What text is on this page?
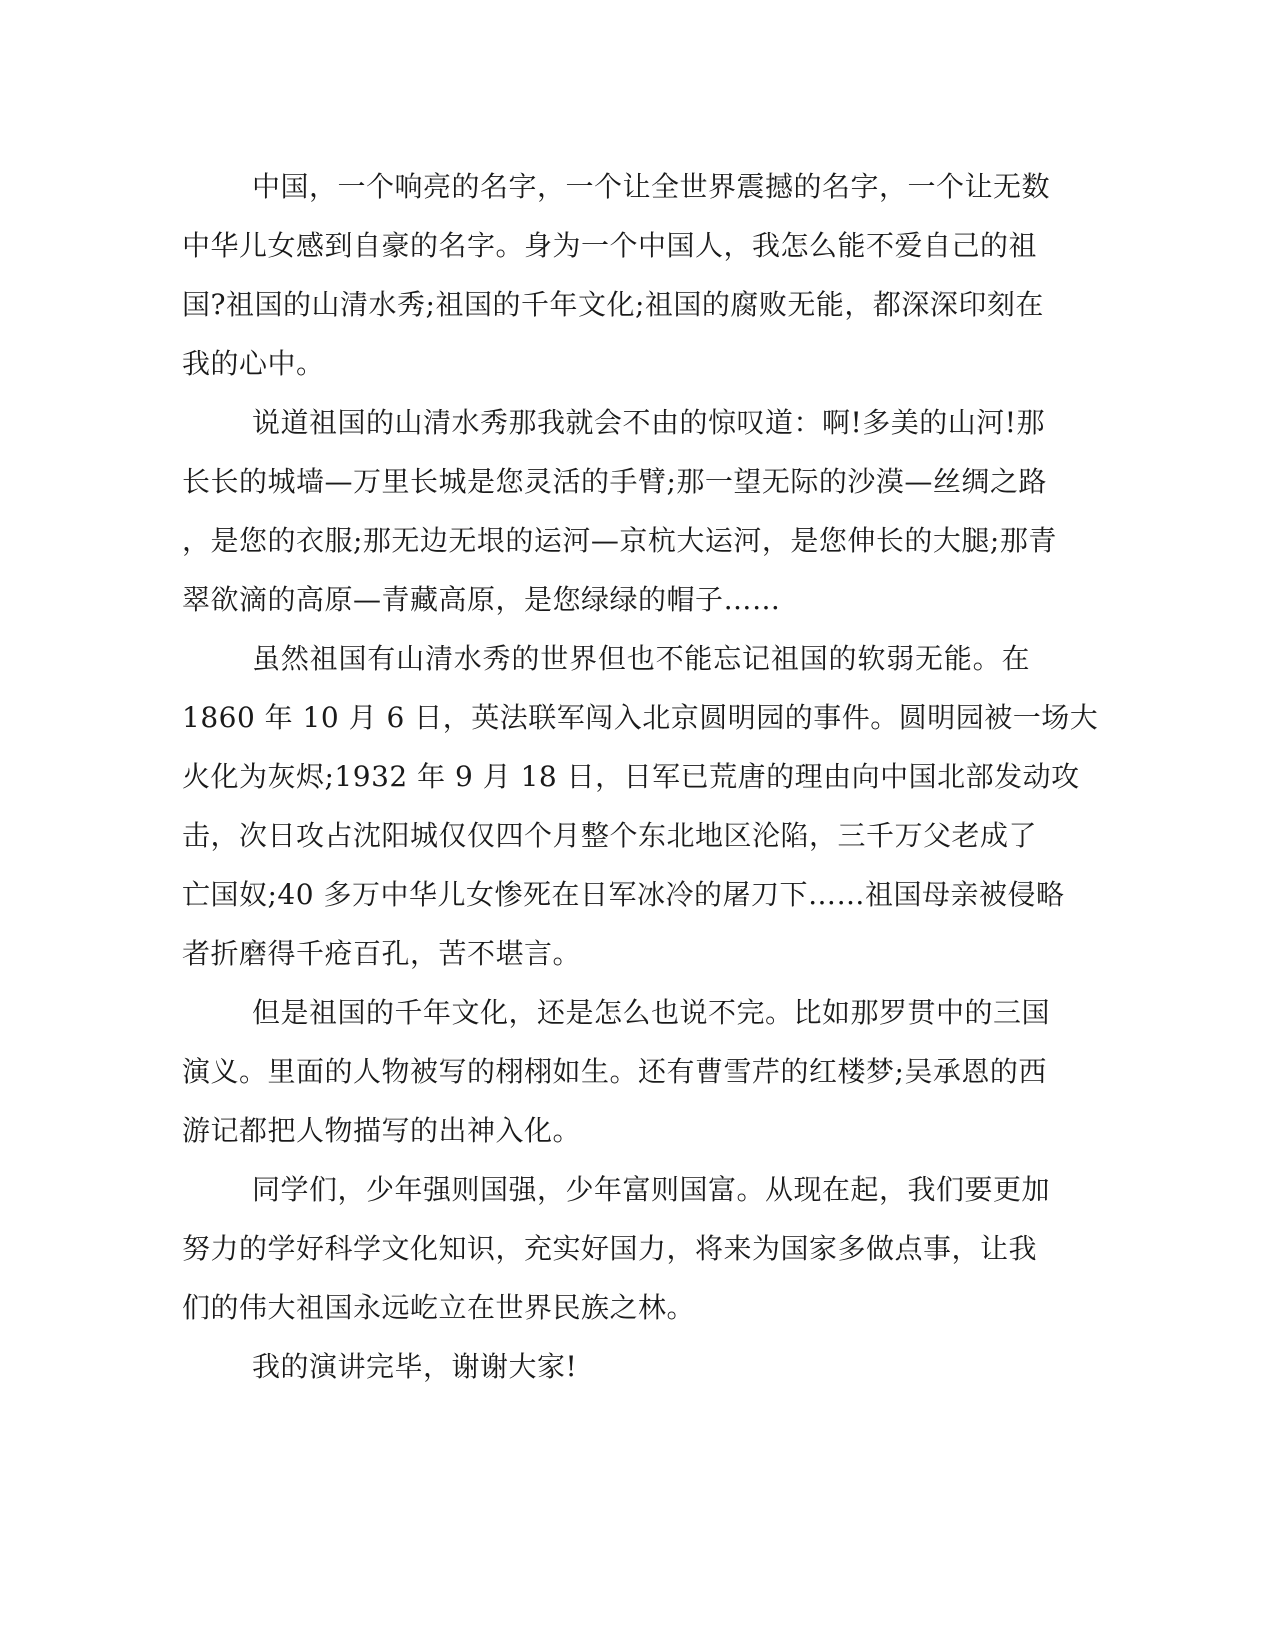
中国，一个响亮的名字，一个让全世界震撼的名字，一个让无数
中华儿女感到自豪的名字。身为一个中国人，我怎么能不爱自己的祖
国?祖国的山清水秀;祖国的千年文化;祖国的腐败无能，都深深印刻在
我的心中。

说道祖国的山清水秀那我就会不由的惊叹道：啊!多美的山河!那
长长的城墙—万里长城是您灵活的手臂;那一望无际的沙漠—丝绸之路
，是您的衣服;那无边无垠的运河—京杭大运河，是您伸长的大腿;那青
翠欲滴的高原—青藏高原，是您绿绿的帽子……

虽然祖国有山清水秀的世界但也不能忘记祖国的软弱无能。在
1860 年 10 月 6 日，英法联军闯入北京圆明园的事件。圆明园被一场大
火化为灰烬;1932 年 9 月 18 日，日军已荒唐的理由向中国北部发动攻
击，次日攻占沈阳城仅仅四个月整个东北地区沦陷，三千万父老成了
亡国奴;40 多万中华儿女惨死在日军冰冷的屠刀下……祖国母亲被侵略
者折磨得千疮百孔，苦不堪言。

但是祖国的千年文化，还是怎么也说不完。比如那罗贯中的三国
演义。里面的人物被写的栩栩如生。还有曹雪芹的红楼梦;吴承恩的西
游记都把人物描写的出神入化。

同学们，少年强则国强，少年富则国富。从现在起，我们要更加
努力的学好科学文化知识，充实好国力，将来为国家多做点事，让我
们的伟大祖国永远屹立在世界民族之林。

我的演讲完毕，谢谢大家!
